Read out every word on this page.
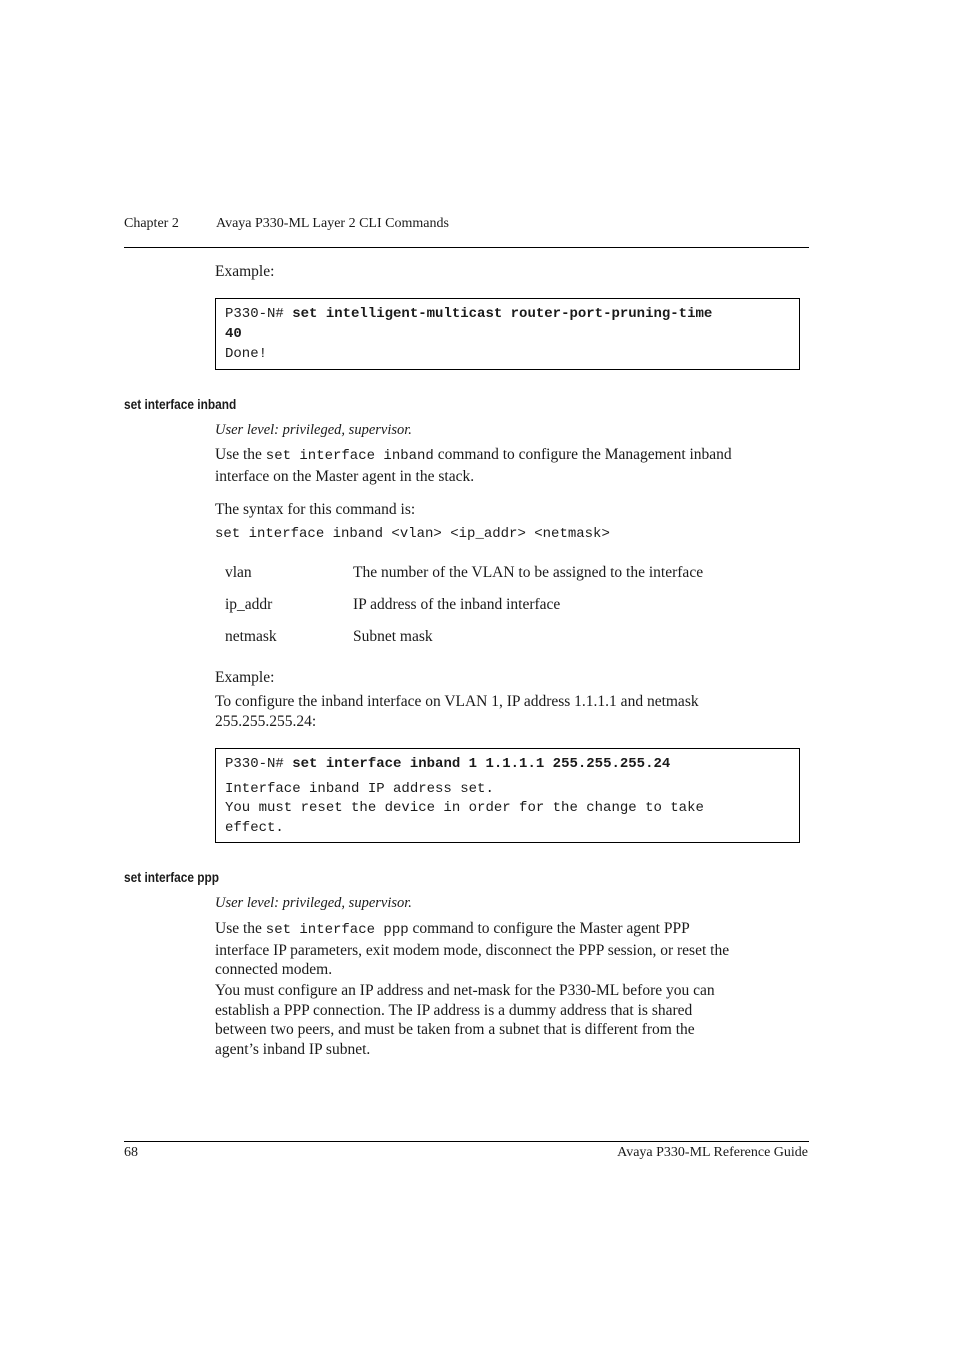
Chapter 2	Avaya P330-ML Layer 2 CLI Commands
Example:
P330-N# set intelligent-multicast router-port-pruning-time
40
Done!
set interface inband
User level: privileged, supervisor.
Use the set interface inband command to configure the Management inband
interface on the Master agent in the stack.
The syntax for this command is:
set interface inband <vlan> <ip_addr> <netmask>
vlan	The number of the VLAN to be assigned to the interface
ip_addr	IP address of the inband interface
netmask	Subnet mask
Example:
To configure the inband interface on VLAN 1, IP address 1.1.1.1 and netmask
255.255.255.24:
P330-N# set interface inband 1 1.1.1.1 255.255.255.24
Interface inband IP address set.
You must reset the device in order for the change to take
effect.
set interface ppp
User level: privileged, supervisor.
Use the set interface ppp command to configure the Master agent PPP
interface IP parameters, exit modem mode, disconnect the PPP session, or reset the
connected modem.
You must configure an IP address and net-mask for the P330-ML before you can
establish a PPP connection. The IP address is a dummy address that is shared
between two peers, and must be taken from a subnet that is different from the
agent’s inband IP subnet.
68	Avaya P330-ML Reference Guide
